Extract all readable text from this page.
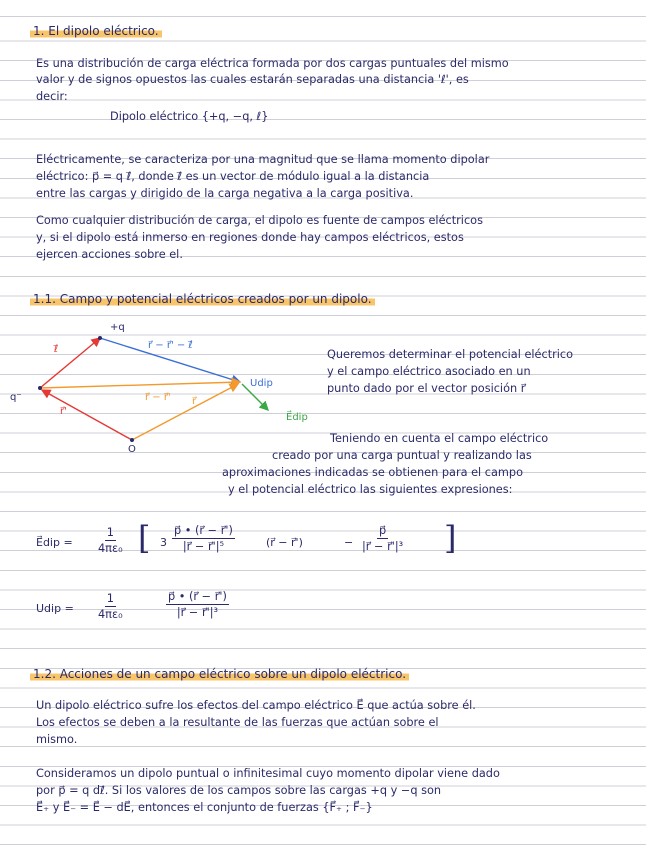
1. El dipolo eléctrico.
Es una distribución de carga eléctrica formada por dos cargas puntuales del mismo
valor y de signos opuestos las cuales estarán separadas una distancia 'ℓ', es
decir:
Dipolo eléctrico {+q, −q, ℓ}
Eléctricamente, se caracteriza por una magnitud que se llama momento dipolar
eléctrico: p⃗ = q ℓ⃗, donde ℓ⃗ es un vector de módulo igual a la distancia
entre las cargas y dirigido de la carga negativa a la carga positiva.
Como cualquier distribución de carga, el dipolo es fuente de campos eléctricos
y, si el dipolo está inmerso en regiones donde hay campos eléctricos, estos
ejercen acciones sobre el.
1.1. Campo y potencial eléctricos creados por un dipolo.
+q
ℓ⃗	r⃗ − r⃗' − ℓ⃗
q⁻	r⃗ − r⃗'
r⃗'
r⃗
Udip
E⃗dip
O
Queremos determinar el potencial eléctrico
y el campo eléctrico asociado en un
punto dado por el vector posición r⃗
Teniendo en cuenta el campo eléctrico
creado por una carga puntual y realizando las
aproximaciones indicadas se obtienen para el campo
y el potencial eléctrico las siguientes expresiones:
E⃗dip = $\frac{1}{\text{4πε₀}}$ [ $3 \frac{p⃗ • (r⃗ - r⃗')}{\text{|r⃗ − r⃗'|⁵}}$	(r⃗ − r⃗')	− $\frac{p⃗}{\text{|r⃗ − r⃗'|³}}$ ]
Udip = $\frac{1}{\text{4πε₀}}$	$\frac{p⃗ • (r⃗ - r⃗')}{\text{|r⃗ − r⃗'|³}}$
1.2. Acciones de un campo eléctrico sobre un dipolo eléctrico.
Un dipolo eléctrico sufre los efectos del campo eléctrico E⃗ que actúa sobre él.
Los efectos se deben a la resultante de las fuerzas que actúan sobre el
mismo.
Consideramos un dipolo puntual o infinitesimal cuyo momento dipolar viene dado
por p⃗ = q dℓ⃗. Si los valores de los campos sobre las cargas +q y −q son
E⃗₊ y E⃗₋ = E⃗ − dE⃗, entonces el conjunto de fuerzas {F⃗₊ ; F⃗₋}
